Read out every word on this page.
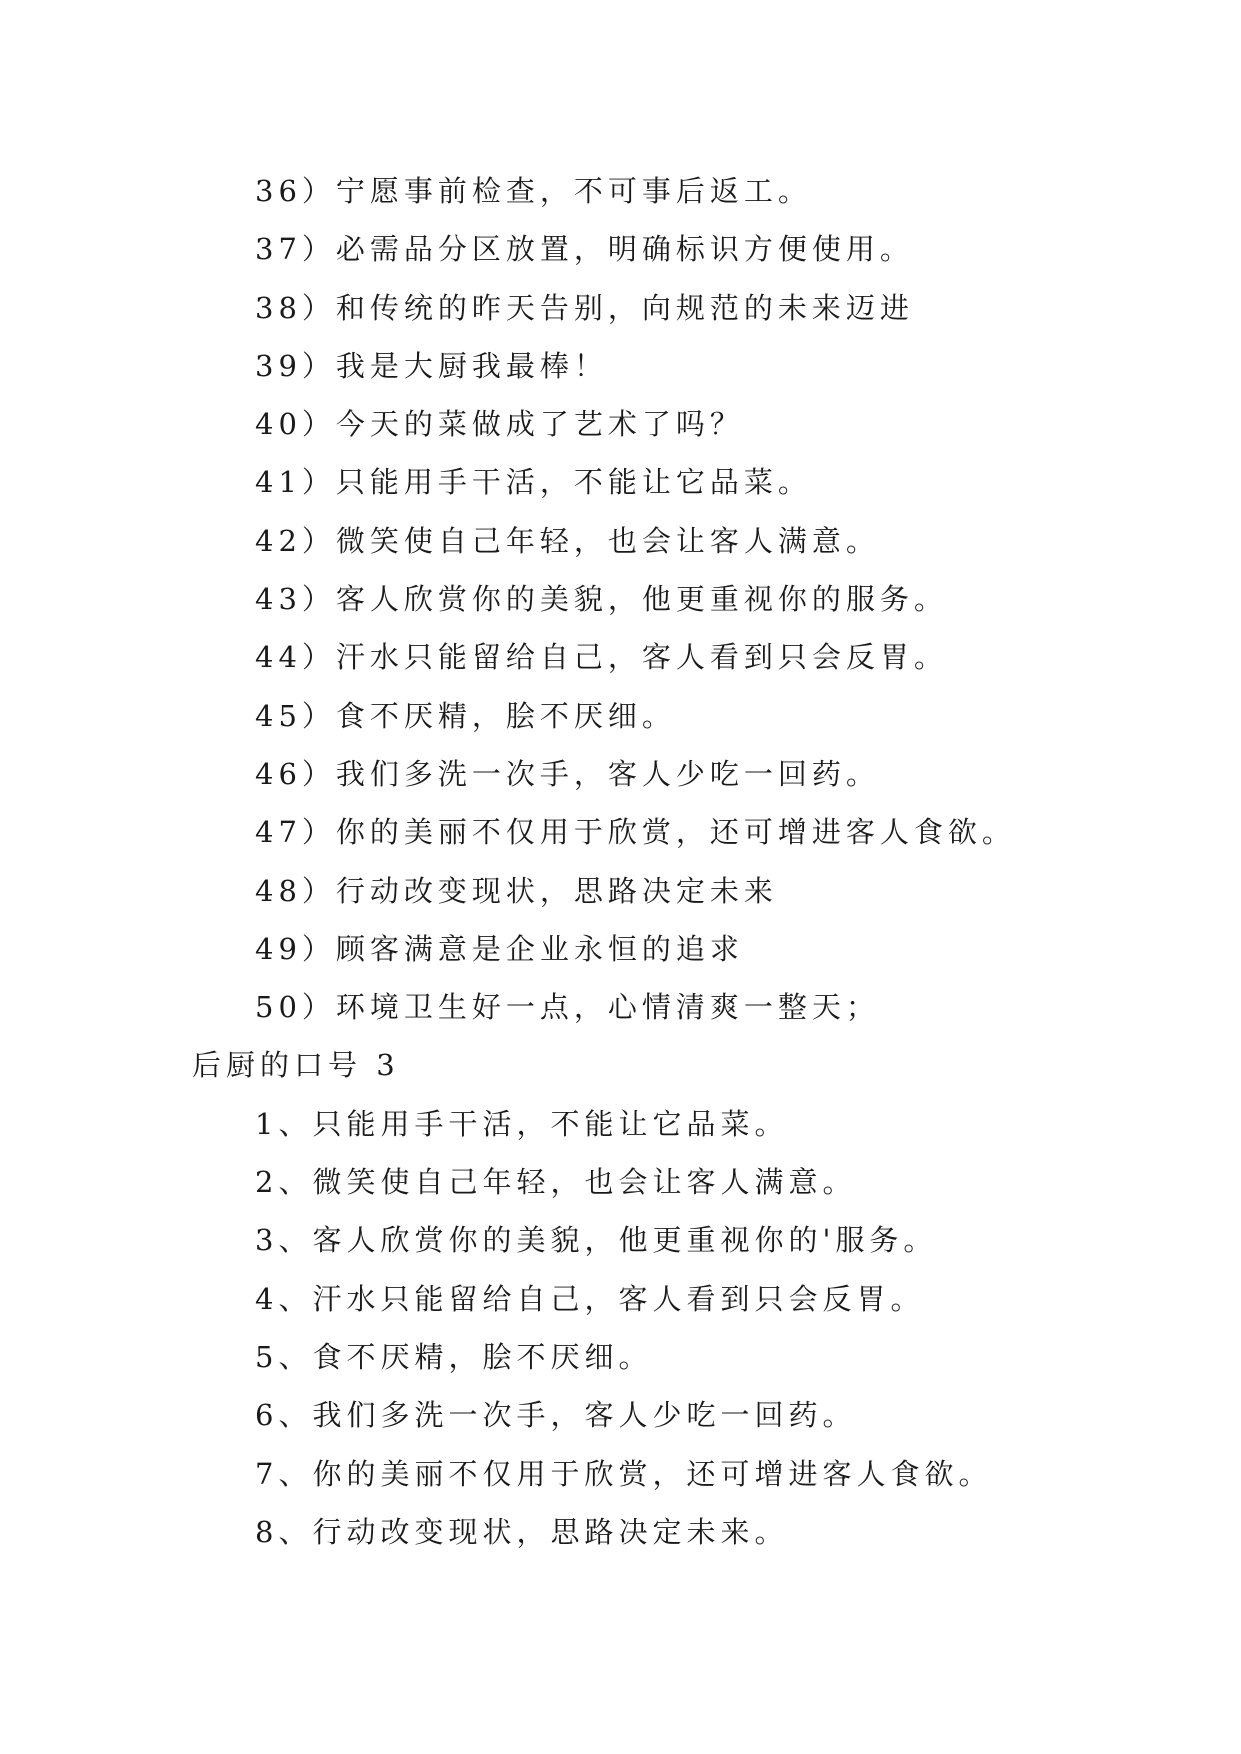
36）宁愿事前检查，不可事后返工。
37）必需品分区放置，明确标识方便使用。
38）和传统的昨天告别，向规范的未来迈进
39）我是大厨我最棒！
40）今天的菜做成了艺术了吗？
41）只能用手干活，不能让它品菜。
42）微笑使自己年轻，也会让客人满意。
43）客人欣赏你的美貌，他更重视你的服务。
44）汗水只能留给自己，客人看到只会反胃。
45）食不厌精，脍不厌细。
46）我们多洗一次手，客人少吃一回药。
47）你的美丽不仅用于欣赏，还可增进客人食欲。
48）行动改变现状，思路决定未来
49）顾客满意是企业永恒的追求
50）环境卫生好一点，心情清爽一整天；
后厨的口号 3
1、只能用手干活，不能让它品菜。
2、微笑使自己年轻，也会让客人满意。
3、客人欣赏你的美貌，他更重视你的'服务。
4、汗水只能留给自己，客人看到只会反胃。
5、食不厌精，脍不厌细。
6、我们多洗一次手，客人少吃一回药。
7、你的美丽不仅用于欣赏，还可增进客人食欲。
8、行动改变现状，思路决定未来。
